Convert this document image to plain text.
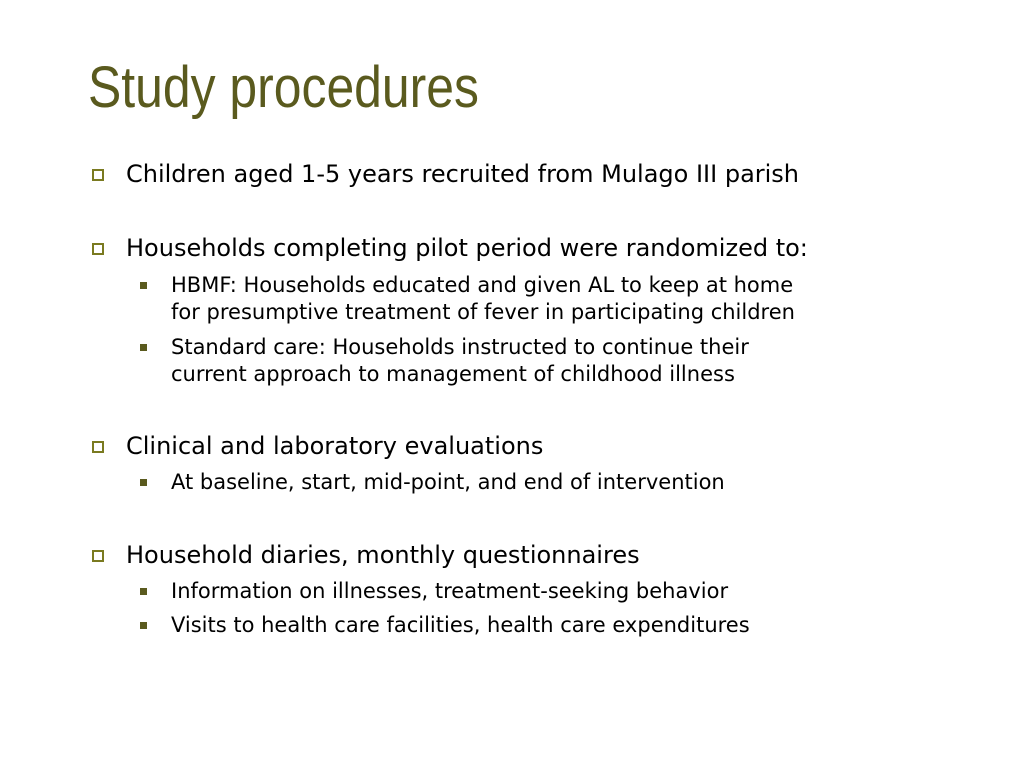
Study procedures
Children aged 1-5 years recruited from Mulago III parish
Households completing pilot period were randomized to:
HBMF: Households educated and given AL to keep at home
for presumptive treatment of fever in participating children
Standard care: Households instructed to continue their
current approach to management of childhood illness
Clinical and laboratory evaluations
At baseline, start, mid-point, and end of intervention
Household diaries, monthly questionnaires
Information on illnesses, treatment-seeking behavior
Visits to health care facilities, health care expenditures
